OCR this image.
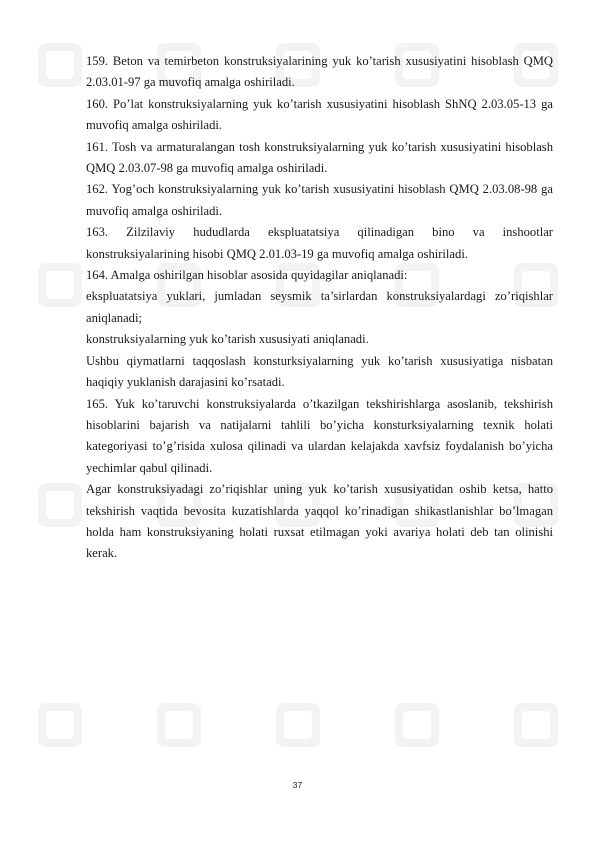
159. Beton va temirbeton konstruksiyalarining yuk ko’tarish xususiyatini hisoblash QMQ 2.03.01-97 ga muvofiq amalga oshiriladi.

160. Po’lat konstruksiyalarning yuk ko’tarish xususiyatini hisoblash ShNQ 2.03.05-13 ga muvofiq amalga oshiriladi.

161. Tosh va armaturalangan tosh konstruksiyalarning yuk ko’tarish xususiyatini hisoblash QMQ 2.03.07-98 ga muvofiq amalga oshiriladi.

162. Yog’och konstruksiyalarning yuk ko’tarish xususiyatini hisoblash QMQ 2.03.08-98 ga muvofiq amalga oshiriladi.

163. Zilzilaviy hududlarda ekspluatatsiya qilinadigan bino va inshootlar konstruksiyalarining hisobi QMQ 2.01.03-19 ga muvofiq amalga oshiriladi.

164. Amalga oshirilgan hisoblar asosida quyidagilar aniqlanadi:

ekspluatatsiya yuklari, jumladan seysmik ta’sirlardan konstruksiyalardagi zo’riqishlar aniqlanadi;

konstruksiyalarning yuk ko’tarish xususiyati aniqlanadi.

Ushbu qiymatlarni taqqoslash konsturksiyalarning yuk ko’tarish xususiyatiga nisbatan haqiqiy yuklanish darajasini ko’rsatadi.

165. Yuk ko’taruvchi konstruksiyalarda o’tkazilgan tekshirishlarga asoslanib, tekshirish hisoblarini bajarish va natijalarni tahlili bo’yicha konsturksiyalarning texnik holati kategoriyasi to’g’risida xulosa qilinadi va ulardan kelajakda xavfsiz foydalanish bo’yicha yechimlar qabul qilinadi.

Agar konstruksiyadagi zo’riqishlar uning yuk ko’tarish xususiyatidan oshib ketsa, hatto tekshirish vaqtida bevosita kuzatishlarda yaqqol ko’rinadigan shikastlanishlar bo’lmagan holda ham konstruksiyaning holati ruxsat etilmagan yoki avariya holati deb tan olinishi kerak.

37
